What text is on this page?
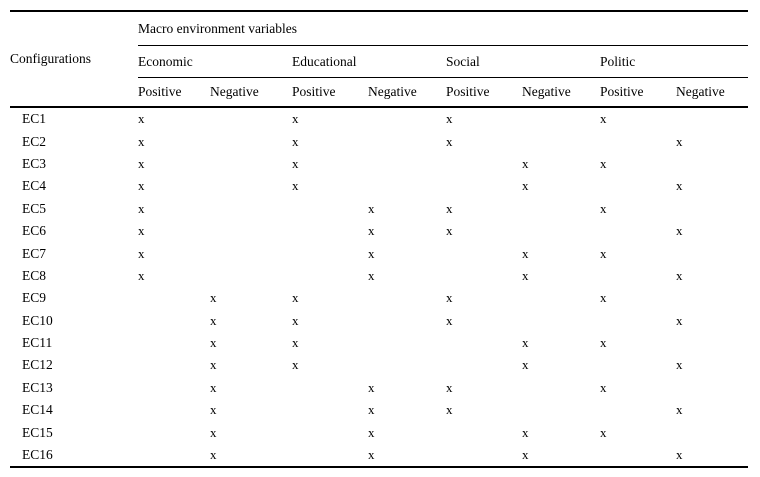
Configurations	Macro environment variables							
	Economic		Educational		Social		Politic	
	Positive	Negative	Positive	Negative	Positive	Negative	Positive	Negative
EC1	x		x		x		x	
EC2	x		x		x			x
EC3	x		x			x	x	
EC4	x		x			x		x
EC5	x			x	x		x	
EC6	x			x	x			x
EC7	x			x		x	x	
EC8	x			x		x		x
EC9		x	x		x		x	
EC10		x	x		x			x
EC11		x	x			x	x	
EC12		x	x			x		x
EC13		x		x	x		x	
EC14		x		x	x			x
EC15		x		x		x	x	
EC16		x		x		x		x
